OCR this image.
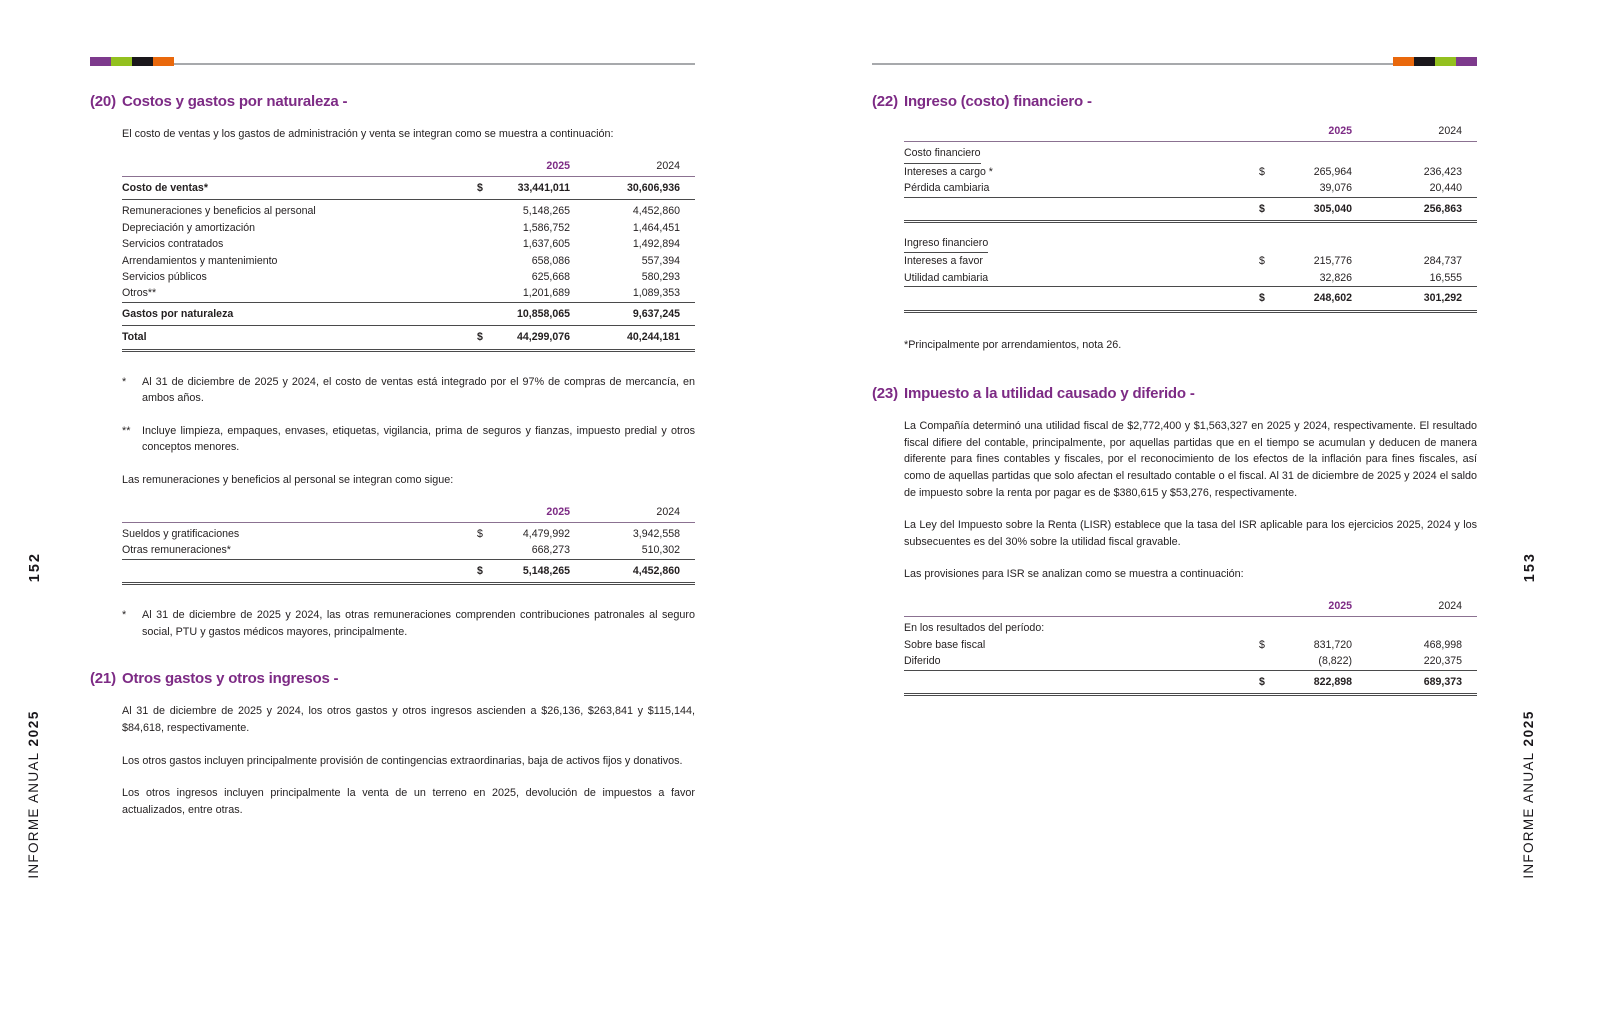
(20) Costos y gastos por naturaleza -
El costo de ventas y los gastos de administración y venta se integran como se muestra a continuación:
2025	2024
Costo de ventas*	$	33,441,011	30,606,936
Remuneraciones y beneficios al personal	5,148,265	4,452,860
Depreciación y amortización	1,586,752	1,464,451
Servicios contratados	1,637,605	1,492,894
Arrendamientos y mantenimiento	658,086	557,394
Servicios públicos	625,668	580,293
Otros**	1,201,689	1,089,353
Gastos por naturaleza	10,858,065	9,637,245
Total	$	44,299,076	40,244,181
*	Al 31 de diciembre de 2025 y 2024, el costo de ventas está integrado por el 97% de compras de mercancía, en ambos años.
**	Incluye limpieza, empaques, envases, etiquetas, vigilancia, prima de seguros y fianzas, impuesto predial y otros conceptos menores.
Las remuneraciones y beneficios al personal se integran como sigue:
2025	2024
Sueldos y gratificaciones	$	4,479,992	3,942,558
Otras remuneraciones*	668,273	510,302
$	5,148,265	4,452,860
*	Al 31 de diciembre de 2025 y 2024, las otras remuneraciones comprenden contribuciones patronales al seguro social, PTU y gastos médicos mayores, principalmente.
(21) Otros gastos y otros ingresos -
Al 31 de diciembre de 2025 y 2024, los otros gastos y otros ingresos ascienden a $26,136, $263,841 y $115,144, $84,618, respectivamente.
Los otros gastos incluyen principalmente provisión de contingencias extraordinarias, baja de activos fijos y donativos.
Los otros ingresos incluyen principalmente la venta de un terreno en 2025, devolución de impuestos a favor actualizados, entre otras.
(22) Ingreso (costo) financiero -
2025	2024
Costo financiero
Intereses a cargo *	$	265,964	236,423
Pérdida cambiaria	39,076	20,440
$	305,040	256,863
Ingreso financiero
Intereses a favor	$	215,776	284,737
Utilidad cambiaria	32,826	16,555
$	248,602	301,292
*Principalmente por arrendamientos, nota 26.
(23) Impuesto a la utilidad causado y diferido -
La Compañía determinó una utilidad fiscal de $2,772,400 y $1,563,327 en 2025 y 2024, respectivamente. El resultado fiscal difiere del contable, principalmente, por aquellas partidas que en el tiempo se acumulan y deducen de manera diferente para fines contables y fiscales, por el reconocimiento de los efectos de la inflación para fines fiscales, así como de aquellas partidas que solo afectan el resultado contable o el fiscal. Al 31 de diciembre de 2025 y 2024 el saldo de impuesto sobre la renta por pagar es de $380,615 y $53,276, respectivamente.
La Ley del Impuesto sobre la Renta (LISR) establece que la tasa del ISR aplicable para los ejercicios 2025, 2024 y los subsecuentes es del 30% sobre la utilidad fiscal gravable.
Las provisiones para ISR se analizan como se muestra a continuación:
2025	2024
En los resultados del período:
Sobre base fiscal	$	831,720	468,998
Diferido	(8,822)	220,375
$	822,898	689,373
152
INFORME ANUAL 2025
153
INFORME ANUAL 2025
